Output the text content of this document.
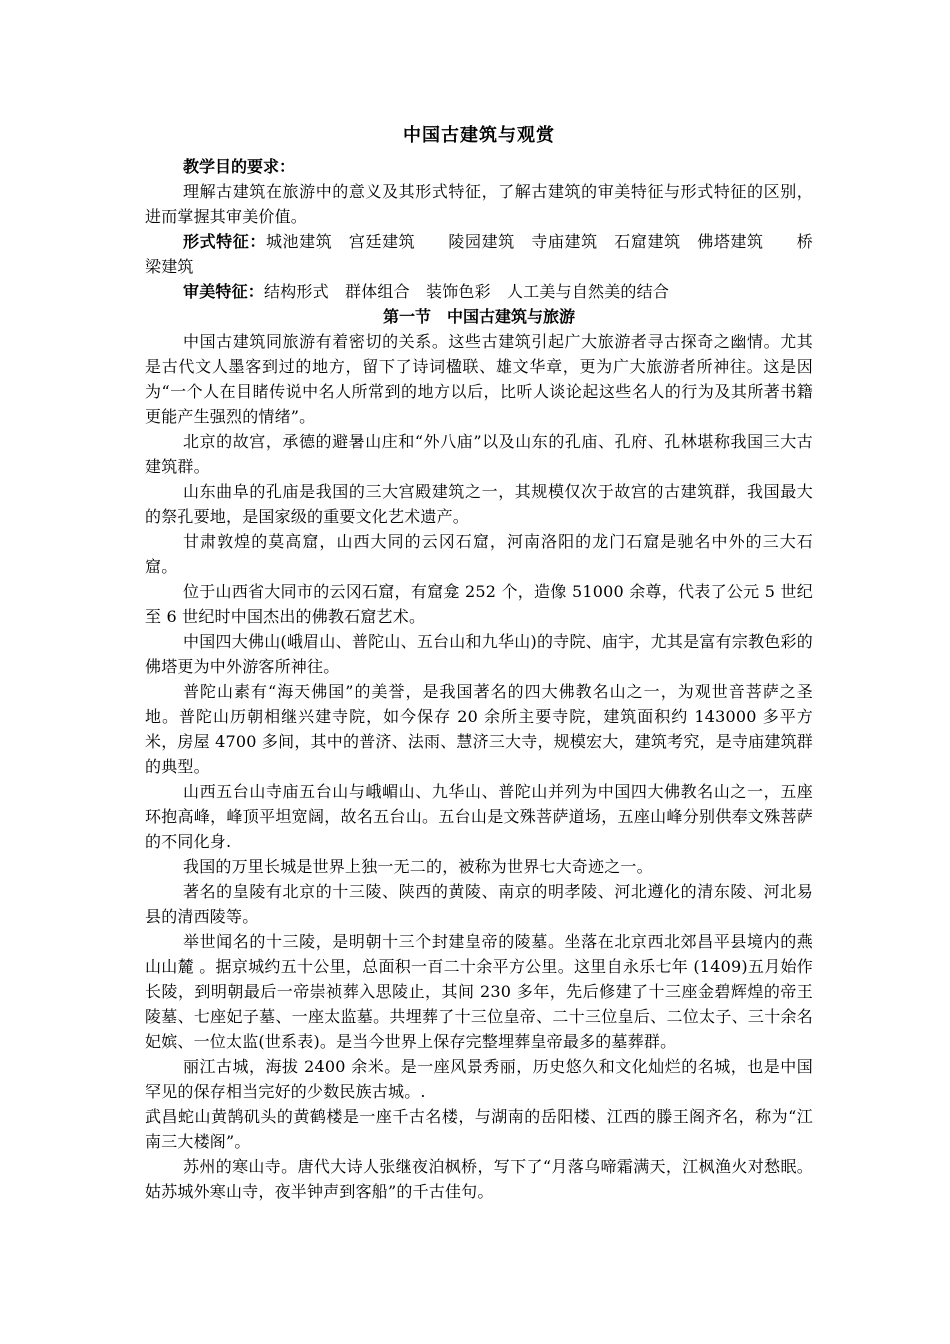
中国古建筑与观赏
教学目的要求：

理解古建筑在旅游中的意义及其形式特征，了解古建筑的审美特征与形式特征的区别，进而掌握其审美价值。

形式特征：城池建筑　宫廷建筑　　陵园建筑　寺庙建筑　石窟建筑　佛塔建筑　　桥梁建筑

审美特征：结构形式　群体组合　装饰色彩　人工美与自然美的结合

第一节　中国古建筑与旅游

中国古建筑同旅游有着密切的关系。这些古建筑引起广大旅游者寻古探奇之幽情。尤其是古代文人墨客到过的地方，留下了诗词楹联、雄文华章，更为广大旅游者所神往。这是因为“一个人在目睹传说中名人所常到的地方以后，比听人谈论起这些名人的行为及其所著书籍更能产生强烈的情绪”。

北京的故宫，承德的避暑山庄和“外八庙”以及山东的孔庙、孔府、孔林堪称我国三大古建筑群。

山东曲阜的孔庙是我国的三大宫殿建筑之一，其规模仅次于故宫的古建筑群，我国最大的祭孔要地，是国家级的重要文化艺术遗产。

甘肃敦煌的莫高窟，山西大同的云冈石窟，河南洛阳的龙门石窟是驰名中外的三大石窟。

位于山西省大同市的云冈石窟，有窟龛 252 个，造像 51000 余尊，代表了公元 5 世纪至 6 世纪时中国杰出的佛教石窟艺术。

中国四大佛山(峨眉山、普陀山、五台山和九华山)的寺院、庙宇，尤其是富有宗教色彩的佛塔更为中外游客所神往。

普陀山素有“海天佛国”的美誉，是我国著名的四大佛教名山之一，为观世音菩萨之圣地。普陀山历朝相继兴建寺院，如今保存 20 余所主要寺院，建筑面积约 143000 多平方米，房屋 4700 多间，其中的普济、法雨、慧济三大寺，规模宏大，建筑考究，是寺庙建筑群的典型。

山西五台山寺庙五台山与峨嵋山、九华山、普陀山并列为中国四大佛教名山之一，五座环抱高峰，峰顶平坦宽阔，故名五台山。五台山是文殊菩萨道场，五座山峰分别供奉文殊菩萨的不同化身.

我国的万里长城是世界上独一无二的，被称为世界七大奇迹之一。

著名的皇陵有北京的十三陵、陕西的黄陵、南京的明孝陵、河北遵化的清东陵、河北易县的清西陵等。

举世闻名的十三陵，是明朝十三个封建皇帝的陵墓。坐落在北京西北郊昌平县境内的燕山山麓 。据京城约五十公里，总面积一百二十余平方公里。这里自永乐七年 (1409)五月始作长陵，到明朝最后一帝崇祯葬入思陵止，其间 230 多年，先后修建了十三座金碧辉煌的帝王陵墓、七座妃子墓、一座太监墓。共埋葬了十三位皇帝、二十三位皇后、二位太子、三十余名妃嫔、一位太监(世系表)。是当今世界上保存完整埋葬皇帝最多的墓葬群。

丽江古城，海拔 2400 余米。是一座风景秀丽，历史悠久和文化灿烂的名城，也是中国罕见的保存相当完好的少数民族古城。.

武昌蛇山黄鹄矶头的黄鹤楼是一座千古名楼，与湖南的岳阳楼、江西的滕王阁齐名，称为“江南三大楼阁”。

苏州的寒山寺。唐代大诗人张继夜泊枫桥，写下了“月落乌啼霜满天，江枫渔火对愁眠。姑苏城外寒山寺，夜半钟声到客船”的千古佳句。
